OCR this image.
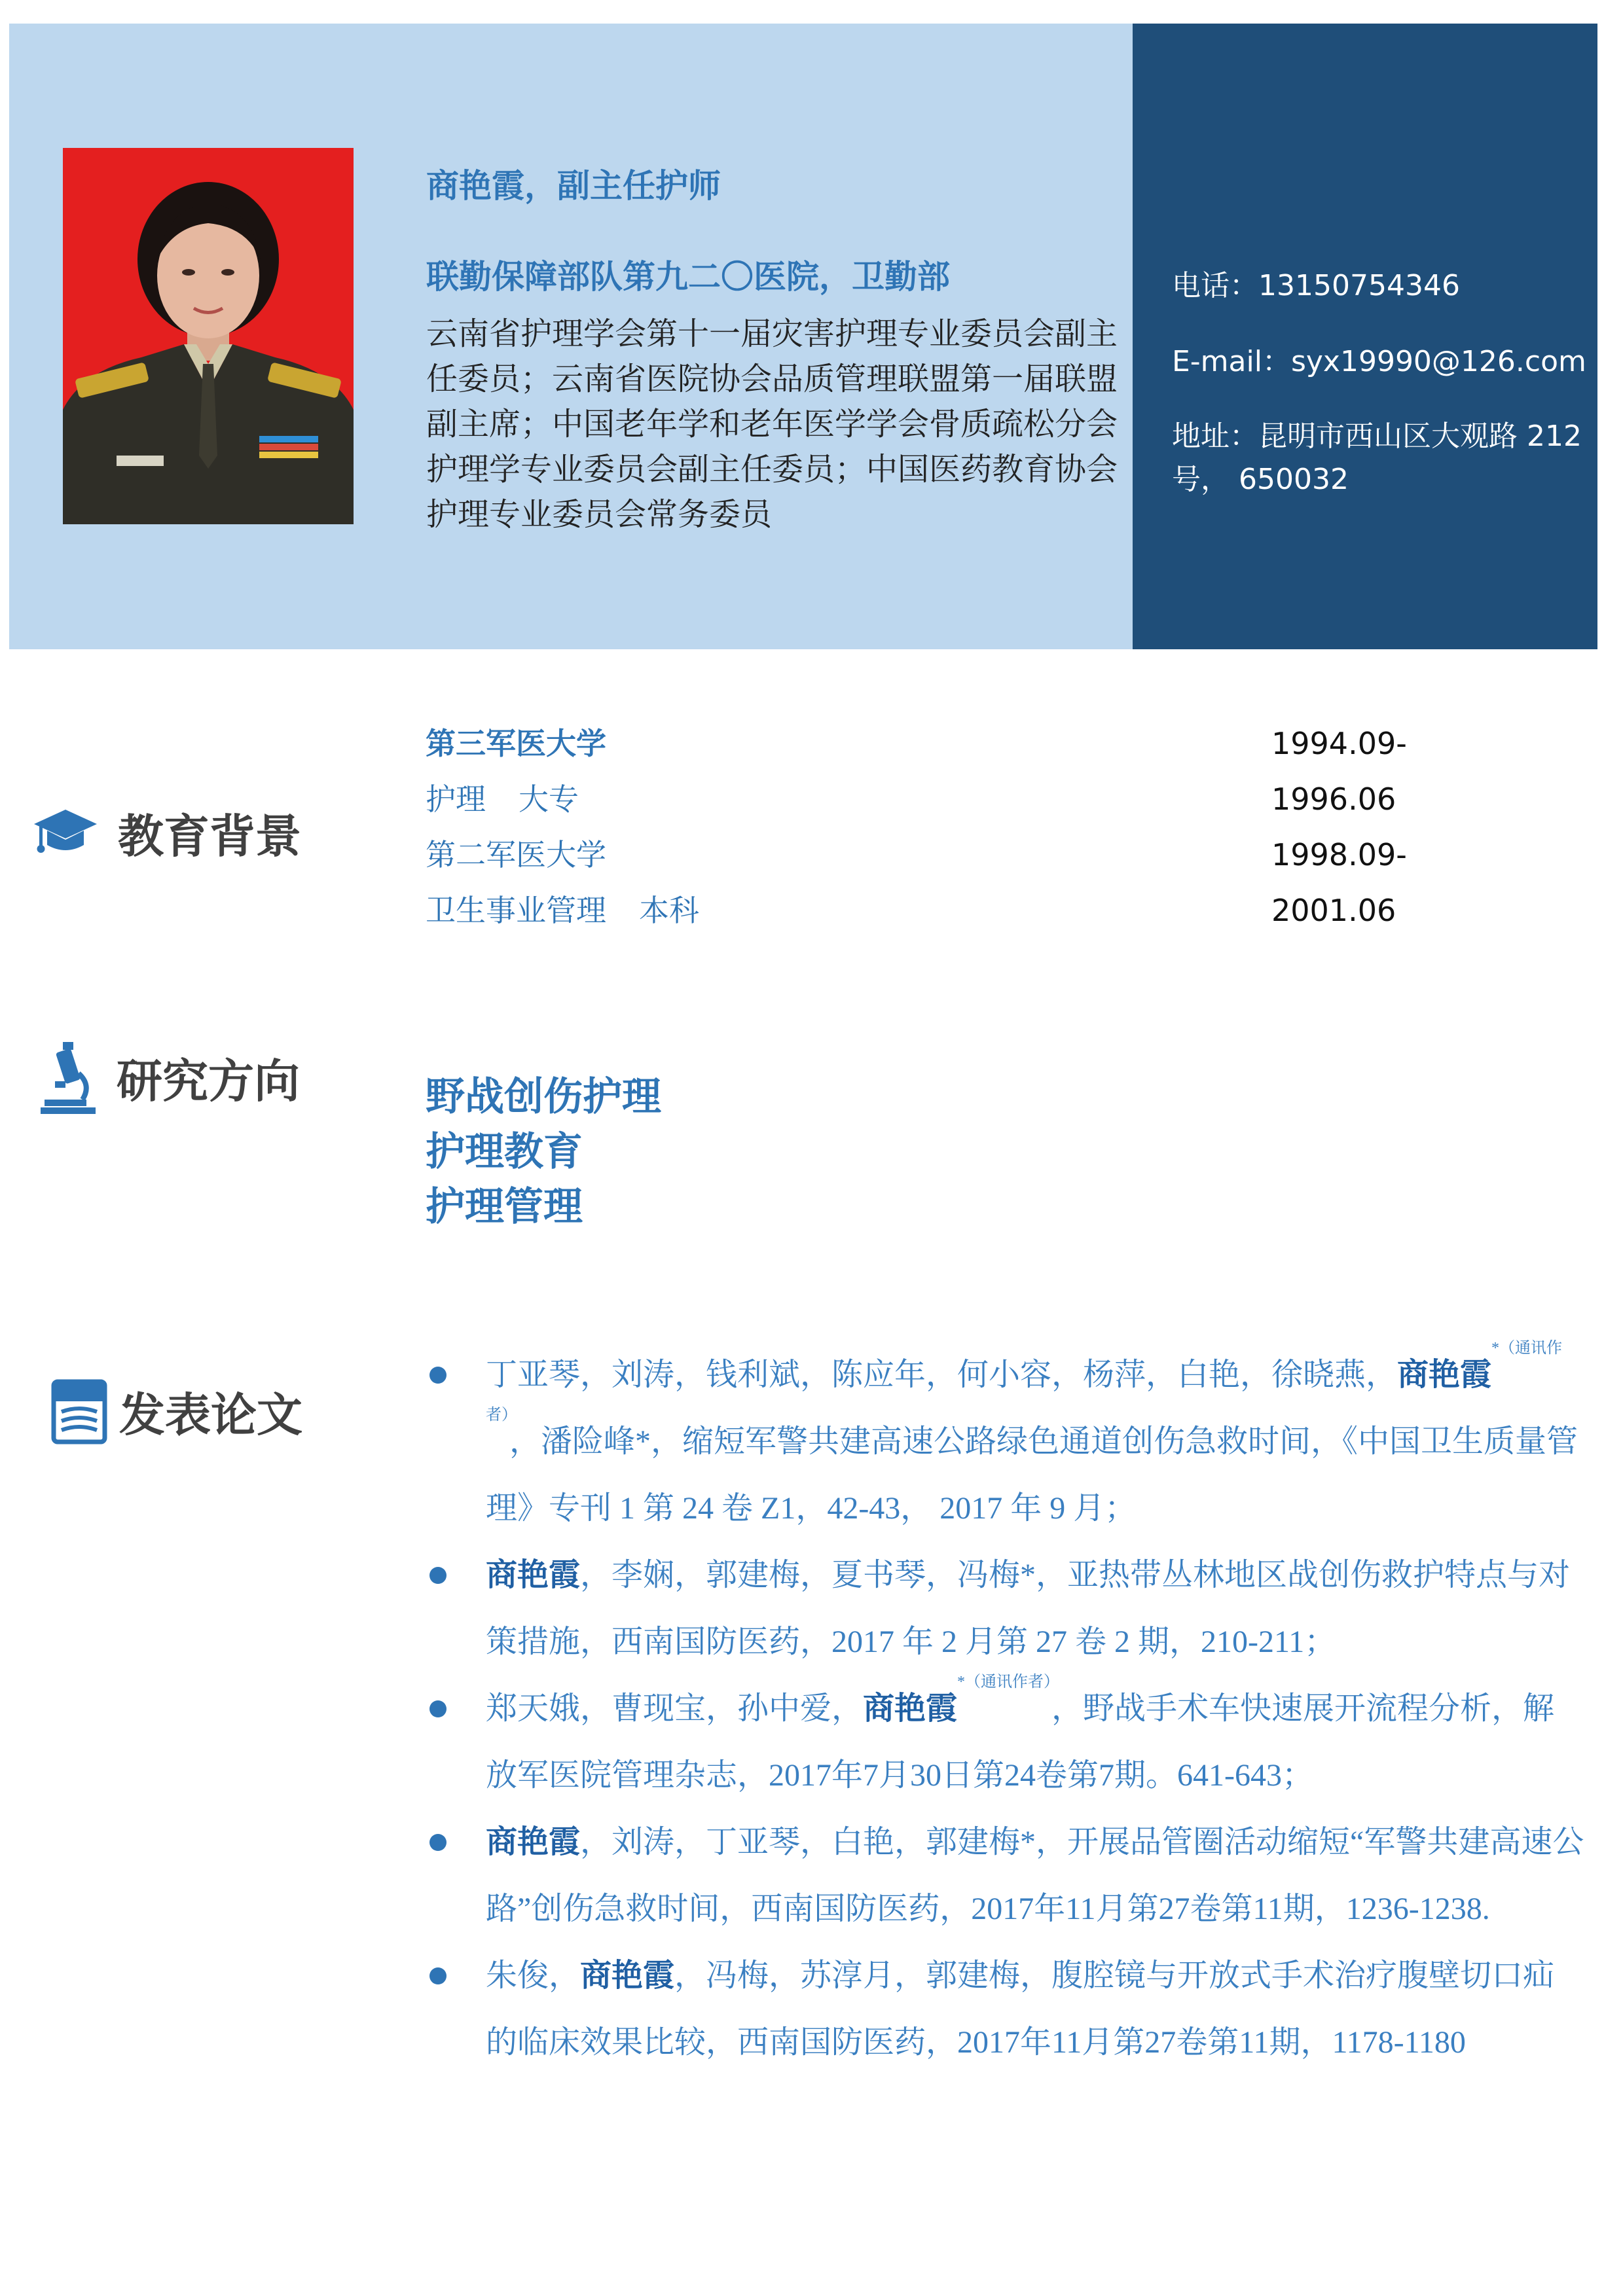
商艳霞，副主任护师
联勤保障部队第九二〇医院，卫勤部

云南省护理学会第十一届灾害护理专业委员会副主任委员；云南省医院协会品质管理联盟第一届联盟副主席；中国老年学和老年医学学会骨质疏松分会护理学专业委员会副主任委员；中国医药教育协会护理专业委员会常务委员

电话：13150754346
E-mail：syx19990@126.com
地址：昆明市西山区大观路 212 号， 650032
教育背景
第三军医大学	1994.09-1996.06
护理 大专
第二军医大学	1998.09-2001.06
卫生事业管理 本科
研究方向	野战创伤护理
护理教育
护理管理
发表论文
丁亚琴，刘涛，钱利斌，陈应年，何小容，杨萍，白艳，徐晓燕，商艳霞$^{*(通讯作者)}$，潘险峰*，缩短军警共建高速公路绿色通道创伤急救时间，《中国卫生质量管理》专刊 1 第 24 卷 Z1，42-43， 2017 年 9 月；
商艳霞，李娴，郭建梅，夏书琴，冯梅*，亚热带丛林地区战创伤救护特点与对策措施，西南国防医药，2017 年 2 月第 27 卷 2 期，210-211；
郑天娥，曹现宝，孙中爱，商艳霞$^{*(通讯作者)}$，野战手术车快速展开流程分析，解放军医院管理杂志，2017年7月30日第24卷第7期。641-643；
商艳霞，刘涛，丁亚琴，白艳，郭建梅*，开展品管圈活动缩短“军警共建高速公路”创伤急救时间，西南国防医药，2017年11月第27卷第11期，1236-1238.
朱俊，商艳霞，冯梅，苏淳月，郭建梅，腹腔镜与开放式手术治疗腹壁切口疝的临床效果比较，西南国防医药，2017年11月第27卷第11期，1178-1180
